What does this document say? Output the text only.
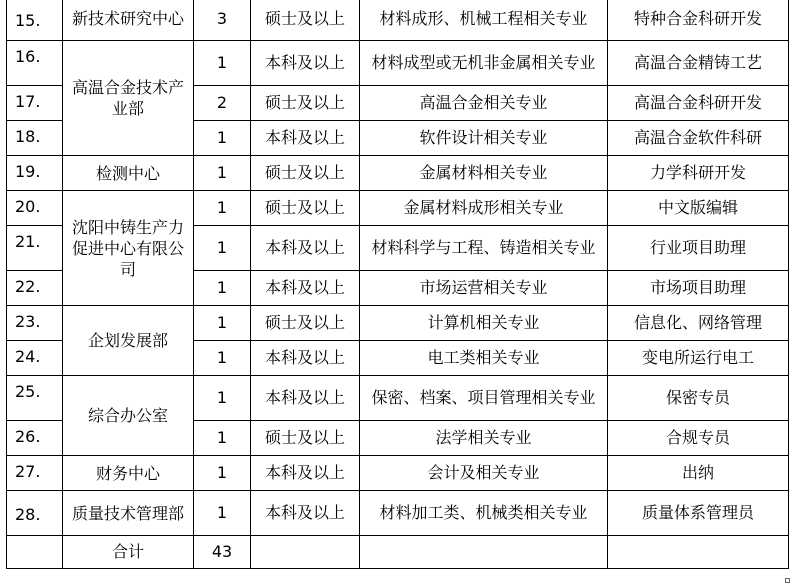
15.	新技术研究中心	3	硕士及以上	材料成形、机械工程相关专业	特种合金科研开发
16.	高温合金技术产业部	1	本科及以上	材料成型或无机非金属相关专业	高温合金精铸工艺
17.		2	硕士及以上	高温合金相关专业	高温合金科研开发
18.		1	本科及以上	软件设计相关专业	高温合金软件科研
19.	检测中心	1	硕士及以上	金属材料相关专业	力学科研开发
20.	沈阳中铸生产力促进中心有限公司	1	硕士及以上	金属材料成形相关专业	中文版编辑
21.		1	本科及以上	材料科学与工程、铸造相关专业	行业项目助理
22.		1	本科及以上	市场运营相关专业	市场项目助理
23.	企划发展部	1	硕士及以上	计算机相关专业	信息化、网络管理
24.		1	本科及以上	电工类相关专业	变电所运行电工
25.	综合办公室	1	本科及以上	保密、档案、项目管理相关专业	保密专员
26.		1	硕士及以上	法学相关专业	合规专员
27.	财务中心	1	本科及以上	会计及相关专业	出纳
28.	质量技术管理部	1	本科及以上	材料加工类、机械类相关专业	质量体系管理员
	合计	43			
